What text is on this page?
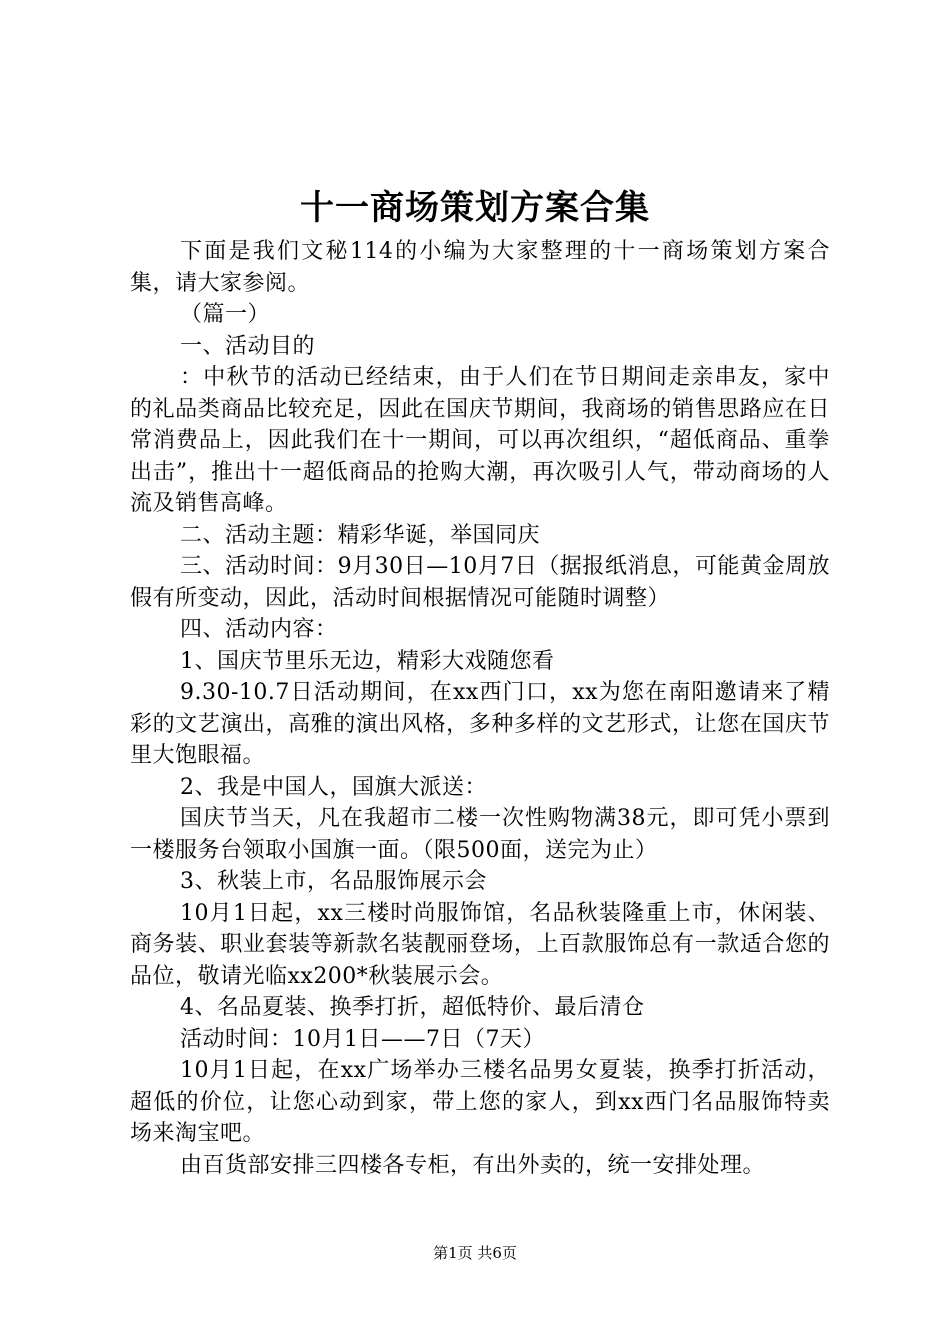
十一商场策划方案合集

下面是我们文秘114的小编为大家整理的十一商场策划方案合集，请大家参阅。

（篇一）

一、活动目的

：中秋节的活动已经结束，由于人们在节日期间走亲串友，家中的礼品类商品比较充足，因此在国庆节期间，我商场的销售思路应在日常消费品上，因此我们在十一期间，可以再次组织，“超低商品、重拳出击”，推出十一超低商品的抢购大潮，再次吸引人气，带动商场的人流及销售高峰。

二、活动主题：精彩华诞，举国同庆

三、活动时间：9月30日—10月7日（据报纸消息，可能黄金周放假有所变动，因此，活动时间根据情况可能随时调整）

四、活动内容：

1、国庆节里乐无边，精彩大戏随您看

9.30-10.7日活动期间，在xx西门口，xx为您在南阳邀请来了精彩的文艺演出，高雅的演出风格，多种多样的文艺形式，让您在国庆节里大饱眼福。

2、我是中国人，国旗大派送：

国庆节当天，凡在我超市二楼一次性购物满38元，即可凭小票到一楼服务台领取小国旗一面。（限500面，送完为止）

3、秋装上市，名品服饰展示会

10月1日起，xx三楼时尚服饰馆，名品秋装隆重上市，休闲装、商务装、职业套装等新款名装靓丽登场，上百款服饰总有一款适合您的品位，敬请光临xx200*秋装展示会。

4、名品夏装、换季打折，超低特价、最后清仓

活动时间：10月1日——7日（7天）

10月1日起，在xx广场举办三楼名品男女夏装，换季打折活动，超低的价位，让您心动到家，带上您的家人，到xx西门名品服饰特卖场来淘宝吧。

由百货部安排三四楼各专柜，有出外卖的，统一安排处理。

第1页 共6页
